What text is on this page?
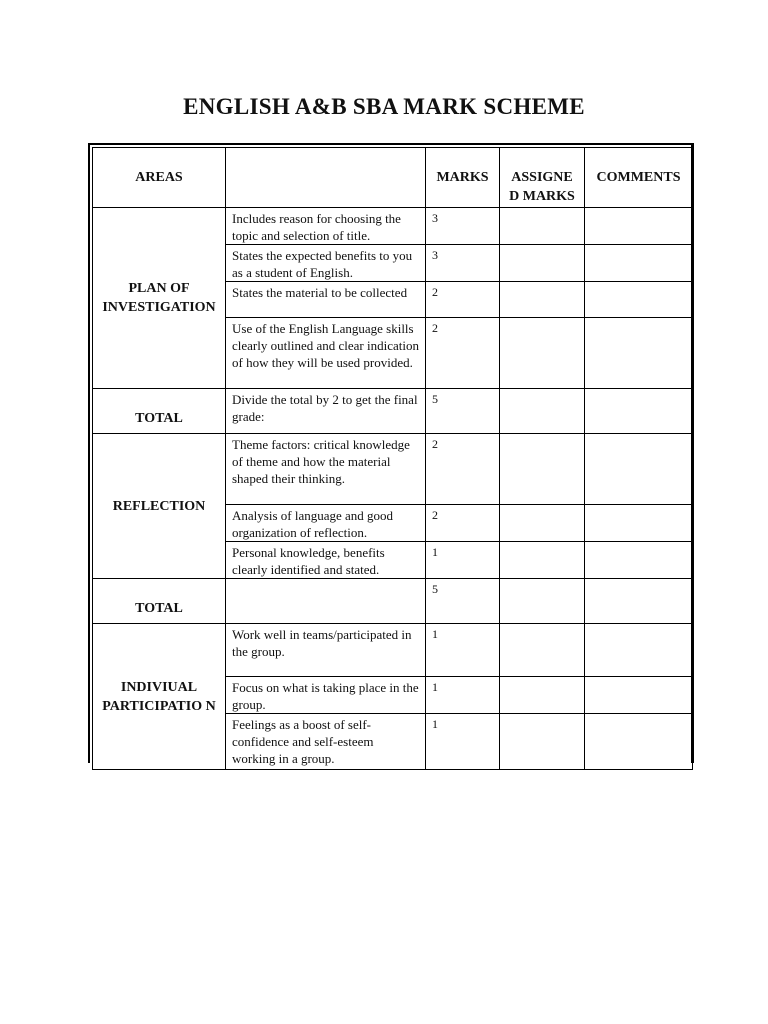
ENGLISH A&B SBA MARK SCHEME
AREAS		MARKS	ASSIGNE D MARKS	COMMENTS
PLAN OF INVESTIGATION	Includes reason for choosing the topic and selection of title.	3		
	States the expected benefits to you as a student of English.	3		
	States the material to be collected	2		
	Use of the English Language skills clearly outlined and clear indication of how they will be used provided.	2		
TOTAL	Divide the total by 2 to get the final grade:	5		
REFLECTION	Theme factors: critical knowledge of theme and how the material shaped their thinking.	2		
	Analysis of language and good organization of reflection.	2		
	Personal knowledge, benefits clearly identified and stated.	1		
TOTAL		5		
INDIVIUAL PARTICIPATIO N	Work well in teams/participated in the group.	1		
	Focus on what is taking place in the group.	1		
	Feelings as a boost of self-confidence and self-esteem working in a group.	1		
